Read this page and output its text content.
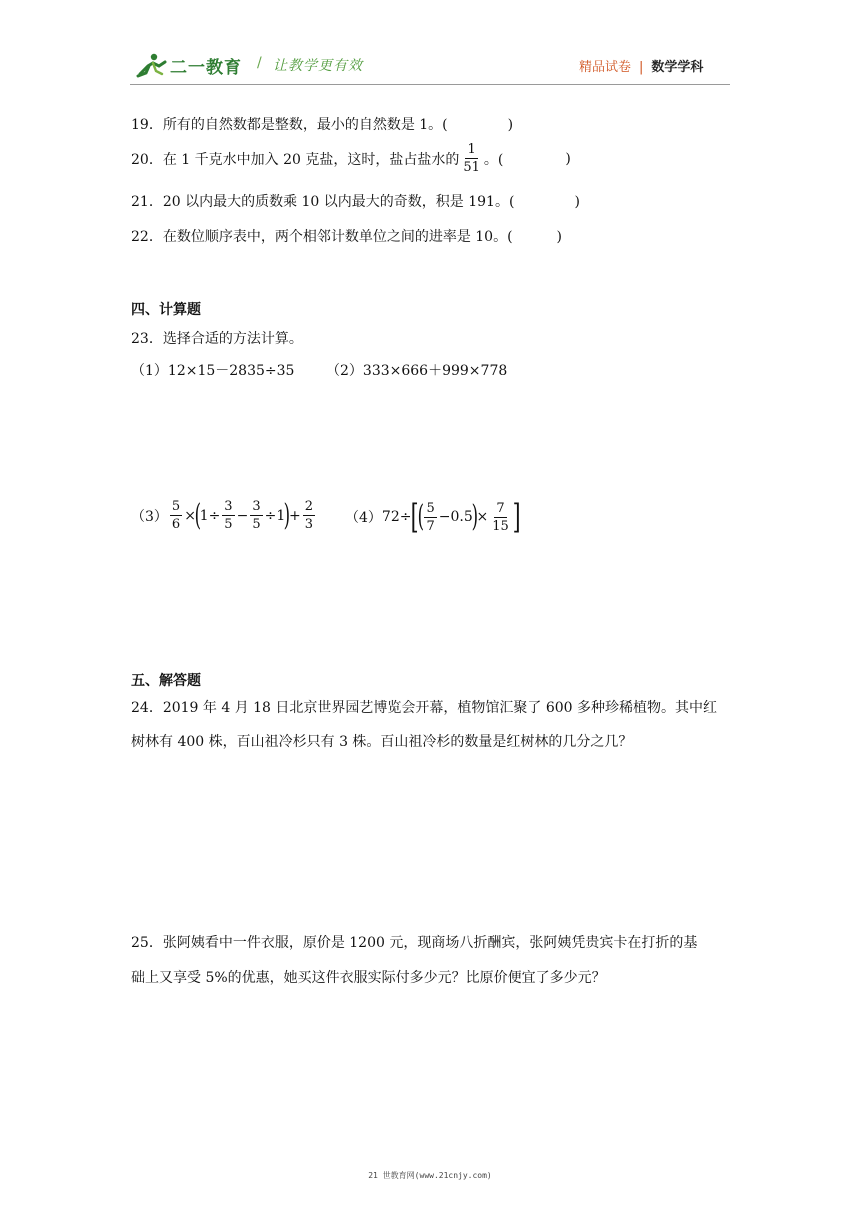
二一教育 / 让教学更有效	精品试卷 | 数学学科
19．所有的自然数都是整数，最小的自然数是 1。(	)
20．在 1 千克水中加入 20 克盐，这时，盐占盐水的 $\frac{1}{51}$ 。(	)
21．20 以内最大的质数乘 10 以内最大的奇数，积是 191。(	)
22．在数位顺序表中，两个相邻计数单位之间的进率是 10。(	)
四、计算题
23．选择合适的方法计算。
（1）12×15－2835÷35 （2）333×666＋999×778
$(3) \frac{5}{6}$ ×
(
$1\div \frac{3}{5} - \frac{3}{5} \div 1$
)
+ $\frac{2}{3} (4)$ 72÷ [
( $\frac{5}{7} -0.5$
)
× $\frac{7}{15}$ ]
五、解答题
24．2019 年 4 月 18 日北京世界园艺博览会开幕，植物馆汇聚了 600 多种珍稀植物。其中红
树林有 400 株，百山祖冷杉只有 3 株。百山祖冷杉的数量是红树林的几分之几？
25．张阿姨看中一件衣服，原价是 1200 元，现商场八折酬宾，张阿姨凭贵宾卡在打折的基
础上又享受 5%的优惠，她买这件衣服实际付多少元？比原价便宜了多少元？
21 世教育网(www.21cnjy.com)
